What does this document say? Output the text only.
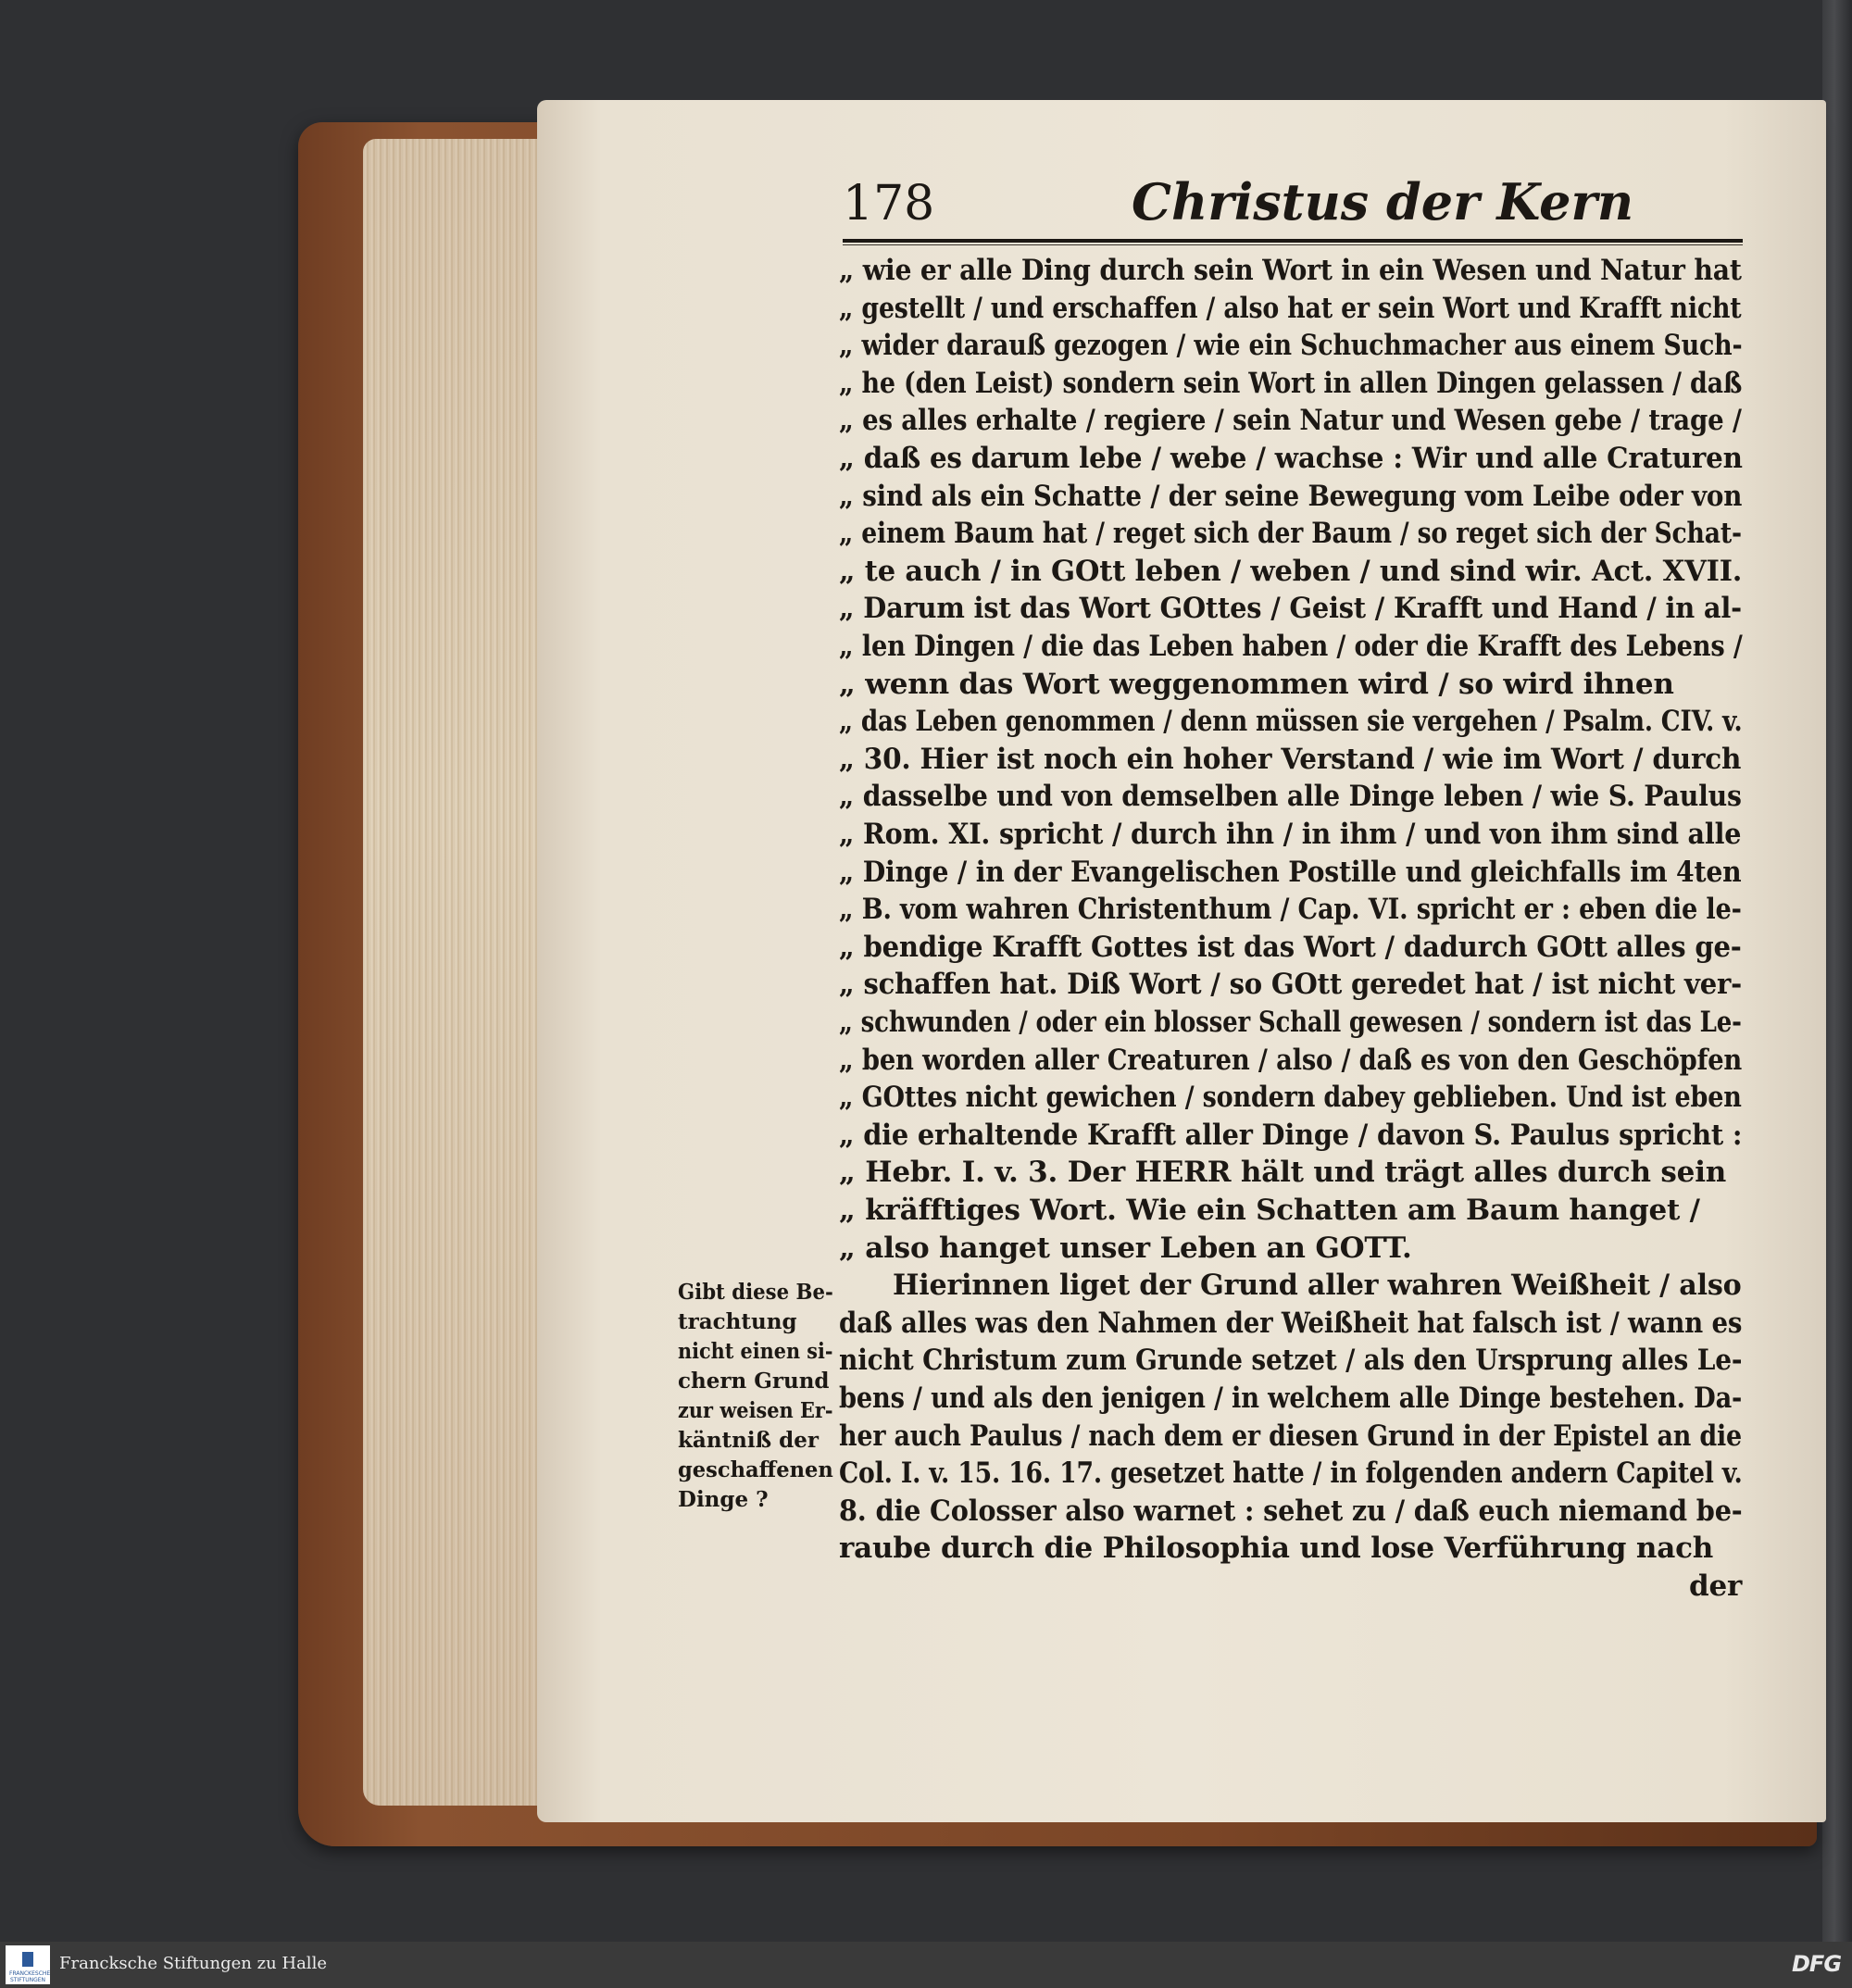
178	Christus der Kern
„ wie er alle Ding durch sein Wort in ein Wesen und Natur hat
„ gestellt / und erschaffen / also hat er sein Wort und Krafft nicht
„ wider darauß gezogen / wie ein Schuchmacher aus einem Such-
„ he (den Leist) sondern sein Wort in allen Dingen gelassen / daß
„ es alles erhalte / regiere / sein Natur und Wesen gebe / trage /
„ daß es darum lebe / webe / wachse : Wir und alle Craturen
„ sind als ein Schatte / der seine Bewegung vom Leibe oder von
„ einem Baum hat / reget sich der Baum / so reget sich der Schat-
„ te auch / in GOtt leben / weben / und sind wir. Act. XVII.
„ Darum ist das Wort GOttes / Geist / Krafft und Hand / in al-
„ len Dingen / die das Leben haben / oder die Krafft des Lebens /
„ wenn das Wort weggenommen wird / so wird ihnen
„ das Leben genommen / denn müssen sie vergehen / Psalm. CIV. v.
„ 30. Hier ist noch ein hoher Verstand / wie im Wort / durch
„ dasselbe und von demselben alle Dinge leben / wie S. Paulus
„ Rom. XI. spricht / durch ihn / in ihm / und von ihm sind alle
„ Dinge / in der Evangelischen Postille und gleichfalls im 4ten
„ B. vom wahren Christenthum / Cap. VI. spricht er : eben die le-
„ bendige Krafft Gottes ist das Wort / dadurch GOtt alles ge-
„ schaffen hat. Diß Wort / so GOtt geredet hat / ist nicht ver-
„ schwunden / oder ein blosser Schall gewesen / sondern ist das Le-
„ ben worden aller Creaturen / also / daß es von den Geschöpfen
„ GOttes nicht gewichen / sondern dabey geblieben. Und ist eben
„ die erhaltende Krafft aller Dinge / davon S. Paulus spricht :
„ Hebr. I. v. 3. Der HERR hält und trägt alles durch sein
„ kräfftiges Wort. Wie ein Schatten am Baum hanget /
„ also hanget unser Leben an GOTT.
Hierinnen liget der Grund aller wahren Weißheit / also
daß alles was den Nahmen der Weißheit hat falsch ist / wann es
nicht Christum zum Grunde setzet / als den Ursprung alles Le-
bens / und als den jenigen / in welchem alle Dinge bestehen. Da-
her auch Paulus / nach dem er diesen Grund in der Epistel an die
Col. I. v. 15. 16. 17. gesetzet hatte / in folgenden andern Capitel v.
8. die Colosser also warnet : sehet zu / daß euch niemand be-
raube durch die Philosophia und lose Verführung nach
der
Gibt diese Be-
trachtung
nicht einen si-
chern Grund
zur weisen Er-
käntniß der
geschaffenen
Dinge ?
FRANCKESCHE STIFTUNGEN
Francksche Stiftungen zu Halle	DFG
